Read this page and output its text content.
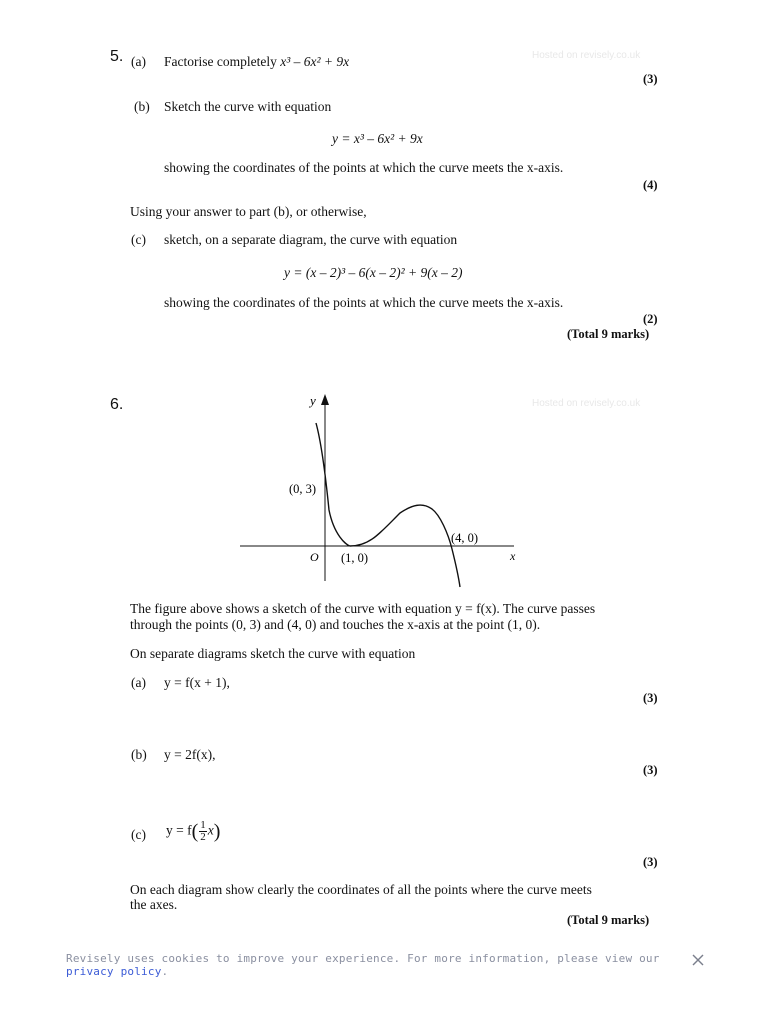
5.	Hosted on revisely.co.uk
(a) Factorise completely x³ – 6x² + 9x
(3)
(b) Sketch the curve with equation
y = x³ – 6x² + 9x
showing the coordinates of the points at which the curve meets the x-axis.
(4)
Using your answer to part (b), or otherwise,
(c) sketch, on a separate diagram, the curve with equation
y = (x – 2)³ – 6(x – 2)² + 9(x – 2)
showing the coordinates of the points at which the curve meets the x-axis.
(2)
(Total 9 marks)
6.	Hosted on revisely.co.uk
y
x
O
(0, 3)
(1, 0)
(4, 0)
The figure above shows a sketch of the curve with equation y = f(x). The curve passes
through the points (0, 3) and (4, 0) and touches the x-axis at the point (1, 0).
On separate diagrams sketch the curve with equation
(a) y = f(x + 1),
(3)
(b) y = 2f(x),
(3)
(c) $y = f( \frac{1}{2} x)$
(3)
On each diagram show clearly the coordinates of all the points where the curve meets
the axes.
(Total 9 marks)
Revisely uses cookies to improve your experience. For more information, please view our
privacy policy.
